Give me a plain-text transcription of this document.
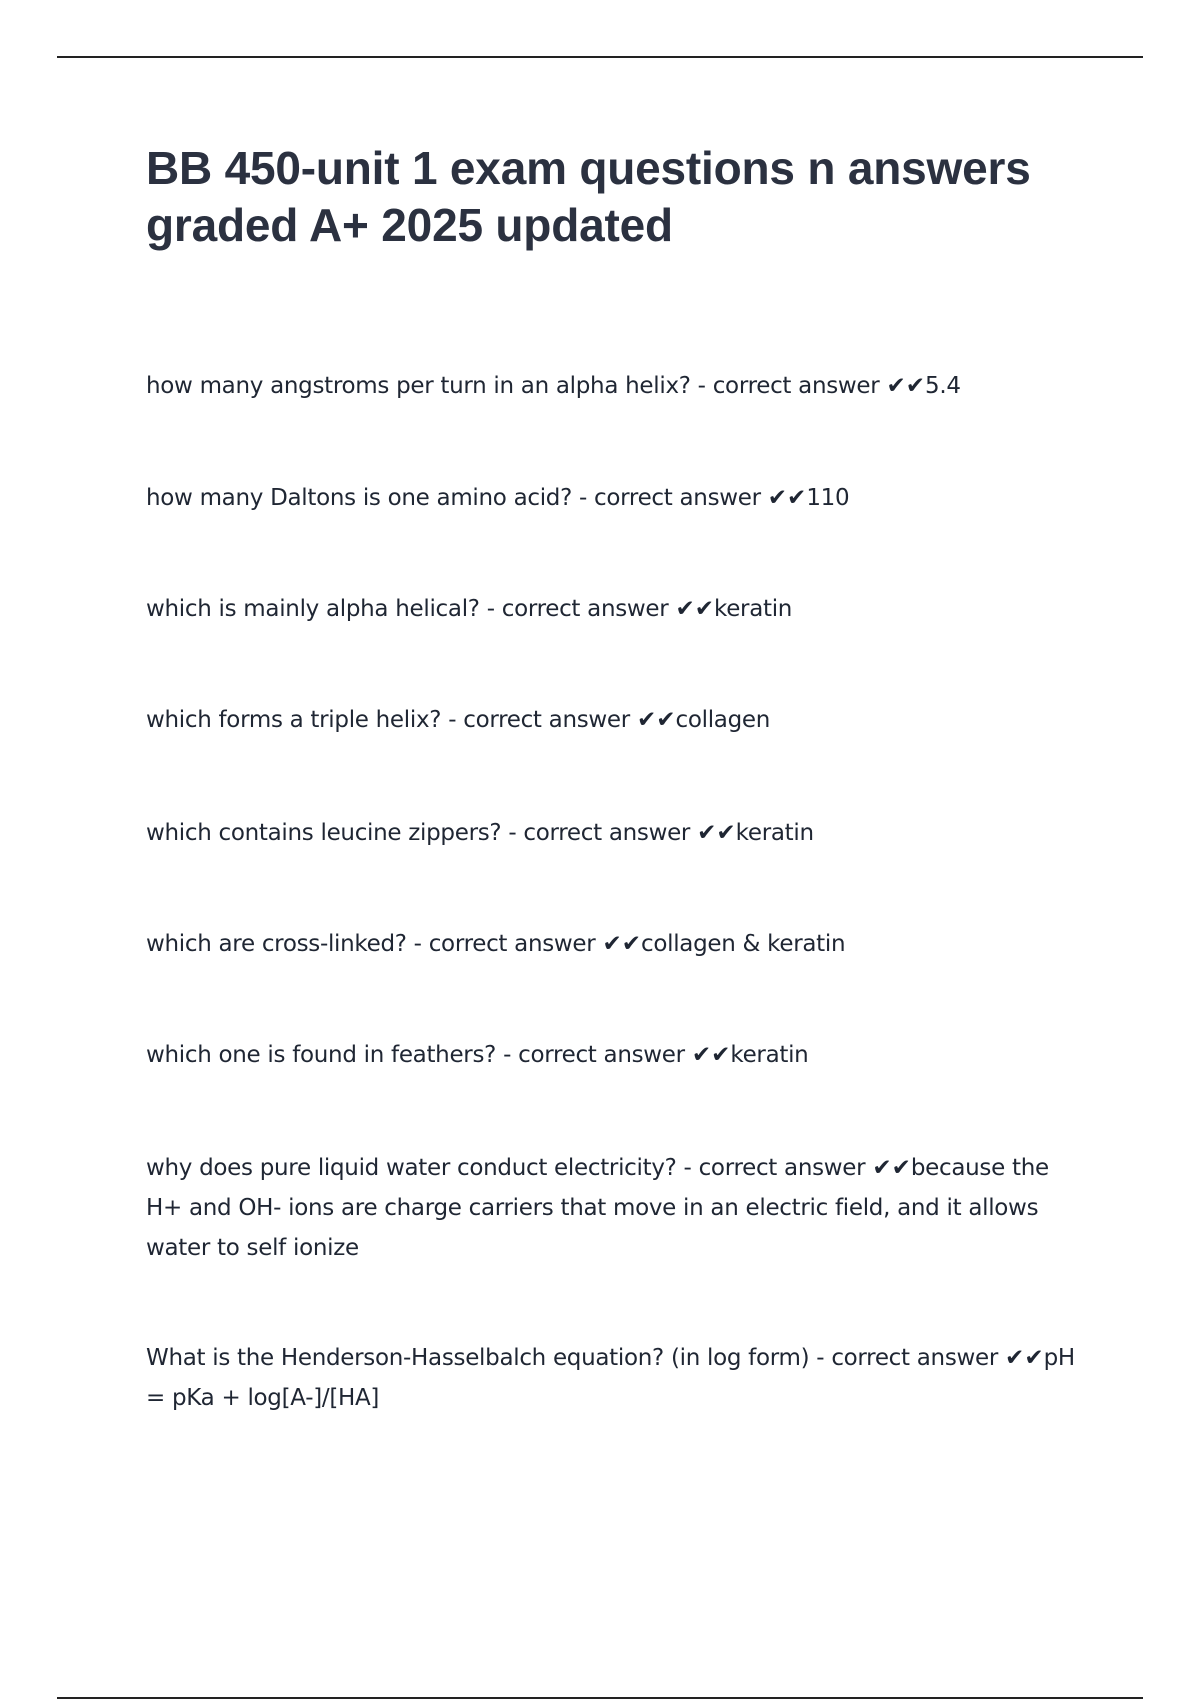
BB 450-unit 1 exam questions n answers graded A+ 2025 updated
how many angstroms per turn in an alpha helix? - correct answer ✔✔5.4
how many Daltons is one amino acid? - correct answer ✔✔110
which is mainly alpha helical? - correct answer ✔✔keratin
which forms a triple helix? - correct answer ✔✔collagen
which contains leucine zippers? - correct answer ✔✔keratin
which are cross-linked? - correct answer ✔✔collagen & keratin
which one is found in feathers? - correct answer ✔✔keratin
why does pure liquid water conduct electricity? - correct answer ✔✔because the H+ and OH- ions are charge carriers that move in an electric field, and it allows water to self ionize
What is the Henderson-Hasselbalch equation? (in log form) - correct answer ✔✔pH = pKa + log[A-]/[HA]
